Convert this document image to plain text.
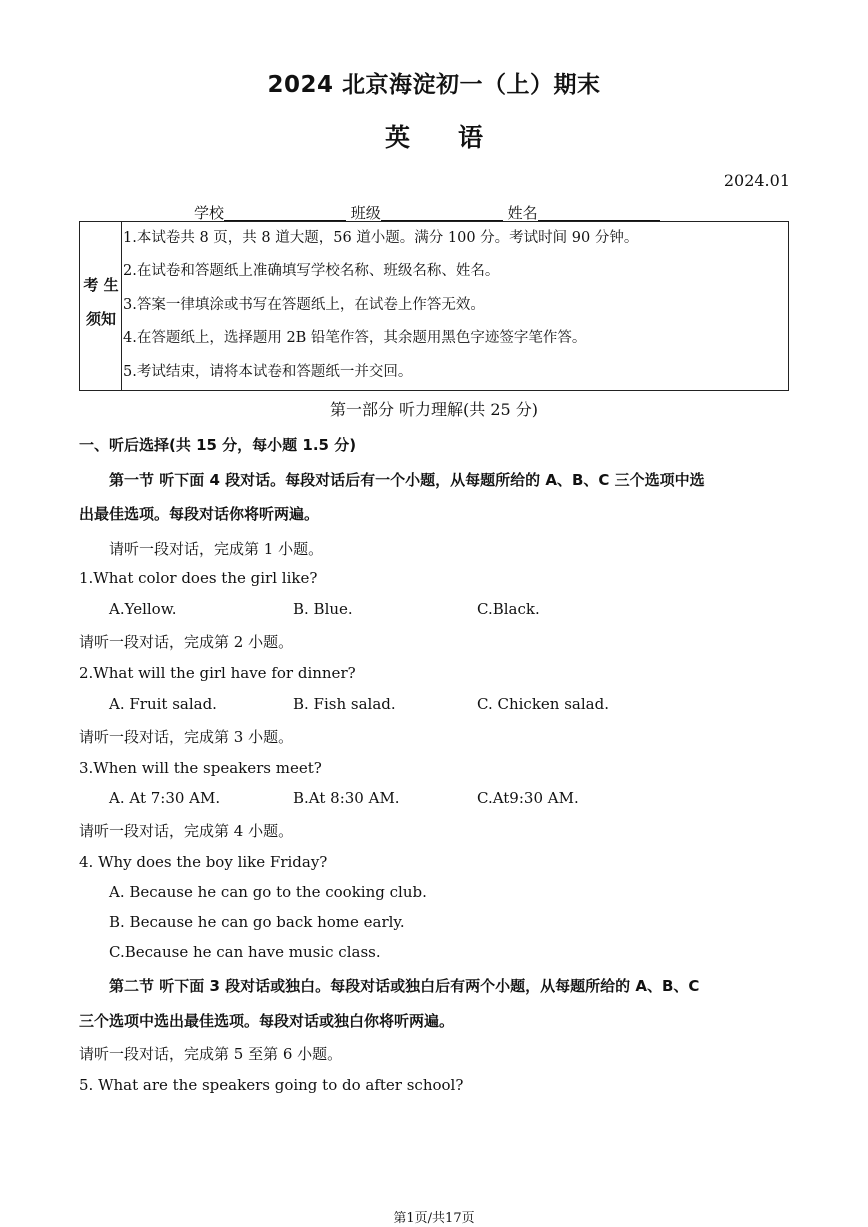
2024 北京海淀初一（上）期末
英 语
2024.01
学校	班级	姓名
考 生
须知
1.本试卷共 8 页，共 8 道大题，56 道小题。满分 100 分。考试时间 90 分钟。
2.在试卷和答题纸上准确填写学校名称、班级名称、姓名。
3.答案一律填涂或书写在答题纸上，在试卷上作答无效。
4.在答题纸上，选择题用 2B 铅笔作答，其余题用黑色字迹签字笔作答。
5.考试结束，请将本试卷和答题纸一并交回。
第一部分 听力理解(共 25 分)
一、听后选择(共 15 分，每小题 1.5 分)
第一节 听下面 4 段对话。每段对话后有一个小题，从每题所给的 A、B、C 三个选项中选
出最佳选项。每段对话你将听两遍。
请听一段对话，完成第 1 小题。
1.What color does the girl like?
A.Yellow.	B. Blue.	C.Black.
请听一段对话，完成第 2 小题。
2.What will the girl have for dinner?
A. Fruit salad.	B. Fish salad.	C. Chicken salad.
请听一段对话，完成第 3 小题。
3.When will the speakers meet?
A. At 7:30 AM.	B.At 8:30 AM.	C.At9:30 AM.
请听一段对话，完成第 4 小题。
4. Why does the boy like Friday?
A. Because he can go to the cooking club.
B. Because he can go back home early.
C.Because he can have music class.
第二节 听下面 3 段对话或独白。每段对话或独白后有两个小题，从每题所给的 A、B、C
三个选项中选出最佳选项。每段对话或独白你将听两遍。
请听一段对话，完成第 5 至第 6 小题。
5. What are the speakers going to do after school?
第1页/共17页
